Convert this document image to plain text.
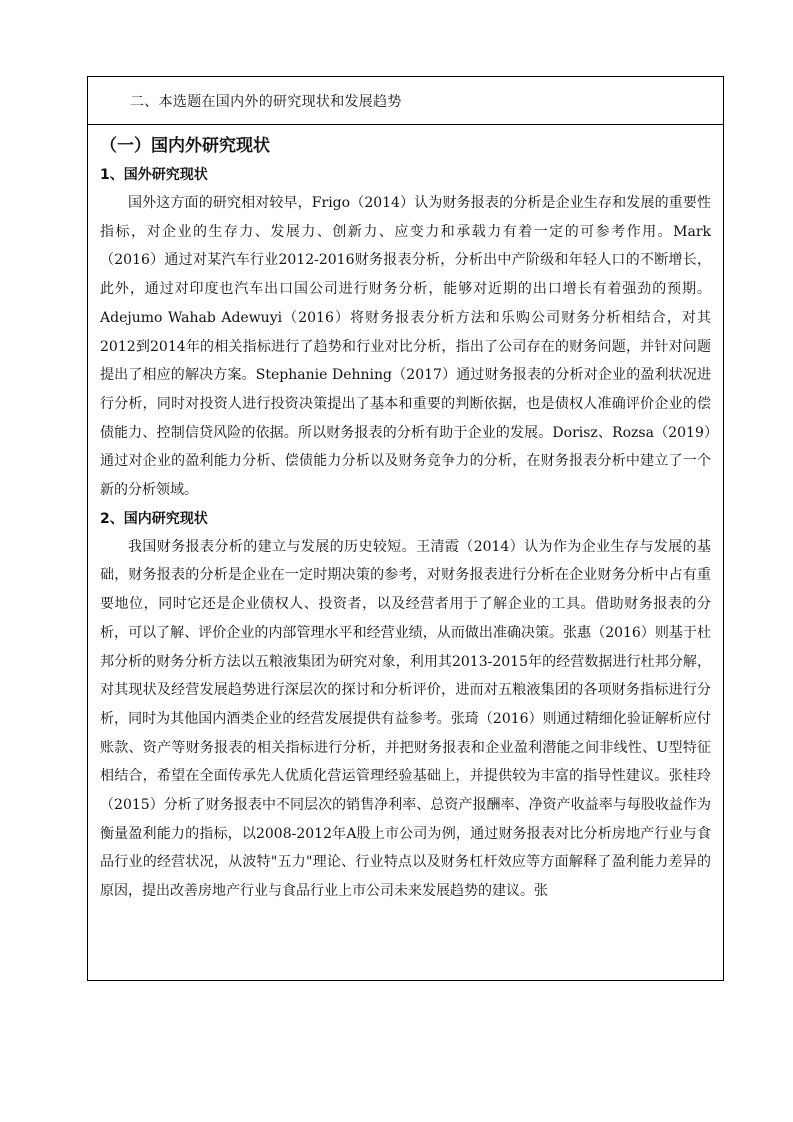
二、本选题在国内外的研究现状和发展趋势

（一）国内外研究现状

1、国外研究现状

国外这方面的研究相对较早，Frigo（2014）认为财务报表的分析是企业生存和发展的重要性指标，对企业的生存力、发展力、创新力、应变力和承载力有着一定的可参考作用。Mark（2016）通过对某汽车行业2012-2016财务报表分析，分析出中产阶级和年轻人口的不断增长，此外，通过对印度也汽车出口国公司进行财务分析，能够对近期的出口增长有着强劲的预期。Adejumo Wahab Adewuyi（2016）将财务报表分析方法和乐购公司财务分析相结合，对其2012到2014年的相关指标进行了趋势和行业对比分析，指出了公司存在的财务问题，并针对问题提出了相应的解决方案。Stephanie Dehning（2017）通过财务报表的分析对企业的盈利状况进行分析，同时对投资人进行投资决策提出了基本和重要的判断依据，也是债权人准确评价企业的偿债能力、控制信贷风险的依据。所以财务报表的分析有助于企业的发展。Dorisz、Rozsa（2019）通过对企业的盈利能力分析、偿债能力分析以及财务竞争力的分析，在财务报表分析中建立了一个新的分析领域。

2、国内研究现状

我国财务报表分析的建立与发展的历史较短。王清霞（2014）认为作为企业生存与发展的基础，财务报表的分析是企业在一定时期决策的参考，对财务报表进行分析在企业财务分析中占有重要地位，同时它还是企业债权人、投资者，以及经营者用于了解企业的工具。借助财务报表的分析，可以了解、评价企业的内部管理水平和经营业绩，从而做出准确决策。张惠（2016）则基于杜邦分析的财务分析方法以五粮液集团为研究对象，利用其2013-2015年的经营数据进行杜邦分解，对其现状及经营发展趋势进行深层次的探讨和分析评价，进而对五粮液集团的各项财务指标进行分析，同时为其他国内酒类企业的经营发展提供有益参考。张琦（2016）则通过精细化验证解析应付账款、资产等财务报表的相关指标进行分析，并把财务报表和企业盈利潜能之间非线性、U型特征相结合，希望在全面传承先人优质化营运管理经验基础上，并提供较为丰富的指导性建议。张桂玲（2015）分析了财务报表中不同层次的销售净利率、总资产报酬率、净资产收益率与每股收益作为衡量盈利能力的指标，以2008-2012年A股上市公司为例，通过财务报表对比分析房地产行业与食品行业的经营状况，从波特"五力"理论、行业特点以及财务杠杆效应等方面解释了盈利能力差异的原因，提出改善房地产行业与食品行业上市公司未来发展趋势的建议。张
